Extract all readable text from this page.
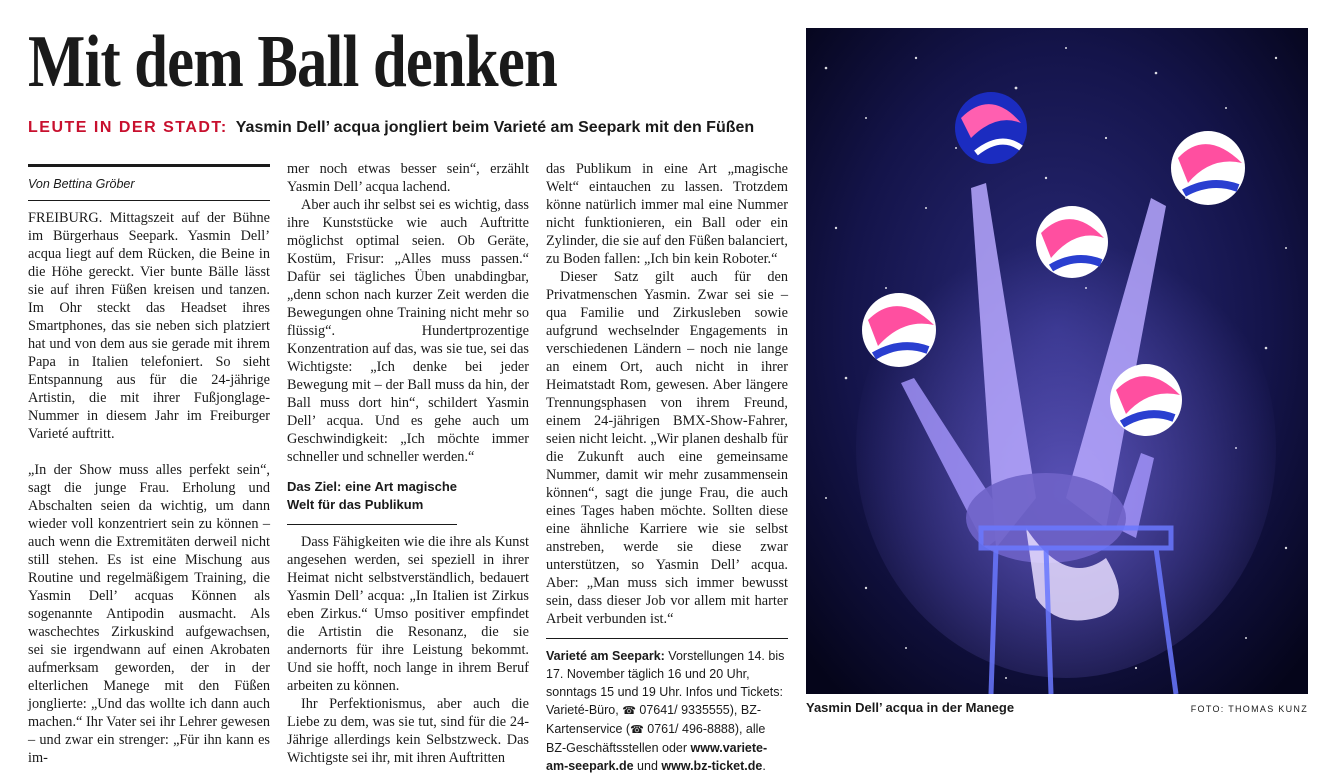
Mit dem Ball denken
LEUTE IN DER STADT: Yasmin Dell’ acqua jongliert beim Varieté am Seepark mit den Füßen
Von Bettina Gröber

FREIBURG. Mittagszeit auf der Bühne im Bürgerhaus Seepark. Yasmin Dell’ acqua liegt auf dem Rücken, die Beine in die Höhe gereckt. Vier bunte Bälle lässt sie auf ihren Füßen kreisen und tanzen. Im Ohr steckt das Headset ihres Smartphones, das sie neben sich platziert hat und von dem aus sie gerade mit ihrem Papa in Italien telefoniert. So sieht Entspannung aus für die 24-jährige Artistin, die mit ihrer Fußjonglage-Nummer in diesem Jahr im Freiburger Varieté auftritt.

„In der Show muss alles perfekt sein“, sagt die junge Frau. Erholung und Abschalten seien da wichtig, um dann wieder voll konzentriert sein zu können – auch wenn die Extremitäten derweil nicht still stehen. Es ist eine Mischung aus Routine und regelmäßigem Training, die Yasmin Dell’ acquas Können als sogenannte Antipodin ausmacht. Als waschechtes Zirkuskind aufgewachsen, sei sie irgendwann auf einen Akrobaten aufmerksam geworden, der in der elterlichen Manege mit den Füßen jonglierte: „Und das wollte ich dann auch machen.“ Ihr Vater sei ihr Lehrer gewesen – und zwar ein strenger: „Für ihn kann es im-

mer noch etwas besser sein“, erzählt Yasmin Dell’ acqua lachend.

Aber auch ihr selbst sei es wichtig, dass ihre Kunststücke wie auch Auftritte möglichst optimal seien. Ob Geräte, Kostüm, Frisur: „Alles muss passen.“ Dafür sei tägliches Üben unabdingbar, „denn schon nach kurzer Zeit werden die Bewegungen ohne Training nicht mehr so flüssig“. Hundertprozentige Konzentration auf das, was sie tue, sei das Wichtigste: „Ich denke bei jeder Bewegung mit – der Ball muss da hin, der Ball muss dort hin“, schildert Yasmin Dell’ acqua. Und es gehe auch um Geschwindigkeit: „Ich möchte immer schneller und schneller werden.“

Das Ziel: eine Art magische Welt für das Publikum

Dass Fähigkeiten wie die ihre als Kunst angesehen werden, sei speziell in ihrer Heimat nicht selbstverständlich, bedauert Yasmin Dell’ acqua: „In Italien ist Zirkus eben Zirkus.“ Umso positiver empfindet die Artistin die Resonanz, die sie andernorts für ihre Leistung bekommt. Und sie hofft, noch lange in ihrem Beruf arbeiten zu können.

Ihr Perfektionismus, aber auch die Liebe zu dem, was sie tut, sind für die 24-Jährige allerdings kein Selbstzweck. Das Wichtigste sei ihr, mit ihren Auftritten

das Publikum in eine Art „magische Welt“ eintauchen zu lassen. Trotzdem könne natürlich immer mal eine Nummer nicht funktionieren, ein Ball oder ein Zylinder, die sie auf den Füßen balanciert, zu Boden fallen: „Ich bin kein Roboter.“

Dieser Satz gilt auch für den Privatmenschen Yasmin. Zwar sei sie – qua Familie und Zirkusleben sowie aufgrund wechselnder Engagements in verschiedenen Ländern – noch nie lange an einem Ort, auch nicht in ihrer Heimatstadt Rom, gewesen. Aber längere Trennungsphasen von ihrem Freund, einem 24-jährigen BMX-Show-Fahrer, seien nicht leicht. „Wir planen deshalb für die Zukunft auch eine gemeinsame Nummer, damit wir mehr zusammensein können“, sagt die junge Frau, die auch eines Tages haben möchte. Sollten diese eine ähnliche Karriere wie sie selbst anstreben, werde sie diese zwar unterstützen, so Yasmin Dell’ acqua. Aber: „Man muss sich immer bewusst sein, dass dieser Job vor allem mit harter Arbeit verbunden ist.“

Varieté am Seepark: Vorstellungen 14. bis 17. November täglich 16 und 20 Uhr, sonntags 15 und 19 Uhr. Infos und Tickets: Varieté-Büro, ☎ 07641/ 9335555), BZ-Kartenservice (☎ 0761/ 496-8888), alle BZ-Geschäftsstellen oder www.variete-am-seepark.de und www.bz-ticket.de.
Yasmin Dell’ acqua in der Manege	FOTO: THOMAS KUNZ
